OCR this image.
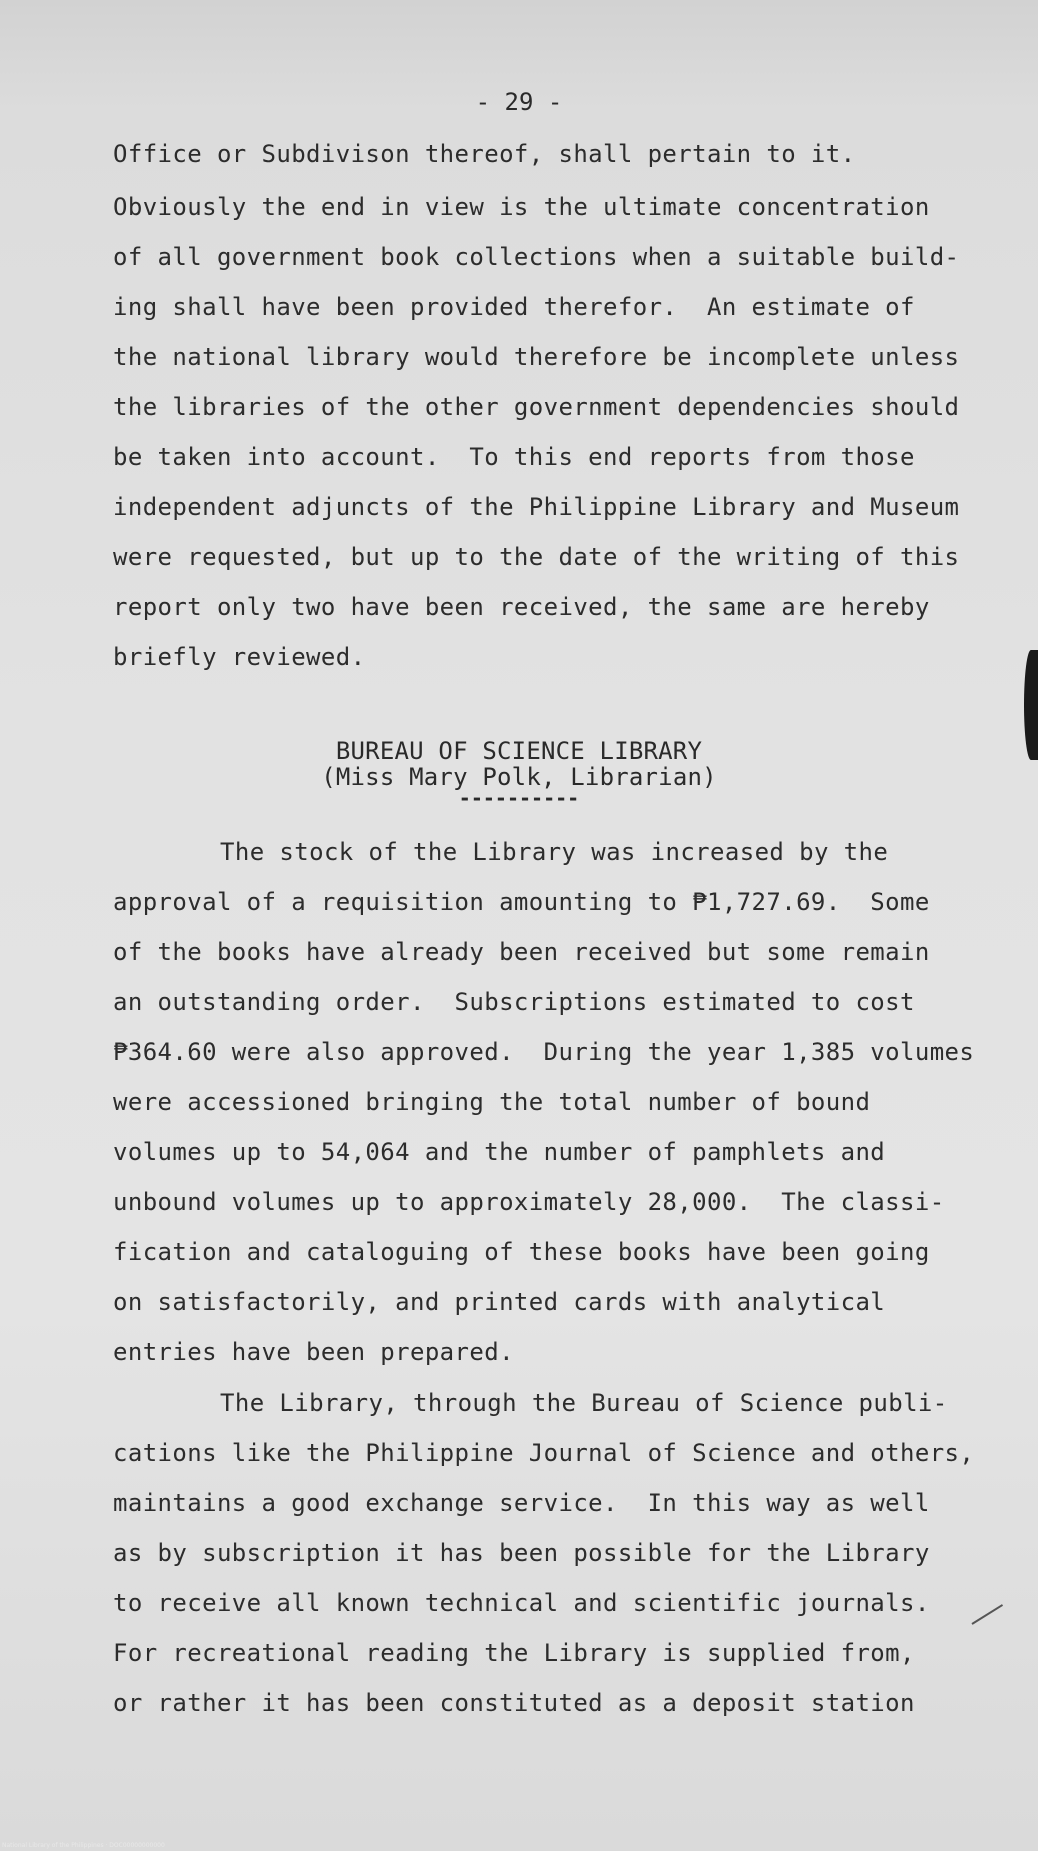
- 29 -
Office or Subdivison thereof, shall pertain to it.
Obviously the end in view is the ultimate concentration
of all government book collections when a suitable build-
ing shall have been provided therefor.  An estimate of
the national library would therefore be incomplete unless
the libraries of the other government dependencies should
be taken into account.  To this end reports from those
independent adjuncts of the Philippine Library and Museum
were requested, but up to the date of the writing of this
report only two have been received, the same are hereby
briefly reviewed.
BUREAU OF SCIENCE LIBRARY
(Miss Mary Polk, Librarian)
----------
The stock of the Library was increased by the
approval of a requisition amounting to ₱1,727.69.  Some
of the books have already been received but some remain
an outstanding order.  Subscriptions estimated to cost
₱364.60 were also approved.  During the year 1,385 volumes
were accessioned bringing the total number of bound
volumes up to 54,064 and the number of pamphlets and
unbound volumes up to approximately 28,000.  The classi-
fication and cataloguing of these books have been going
on satisfactorily, and printed cards with analytical
entries have been prepared.
The Library, through the Bureau of Science publi-
cations like the Philippine Journal of Science and others,
maintains a good exchange service.  In this way as well
as by subscription it has been possible for the Library
to receive all known technical and scientific journals.
For recreational reading the Library is supplied from,
or rather it has been constituted as a deposit station
National Library of the Philippines · DOC00000000000
